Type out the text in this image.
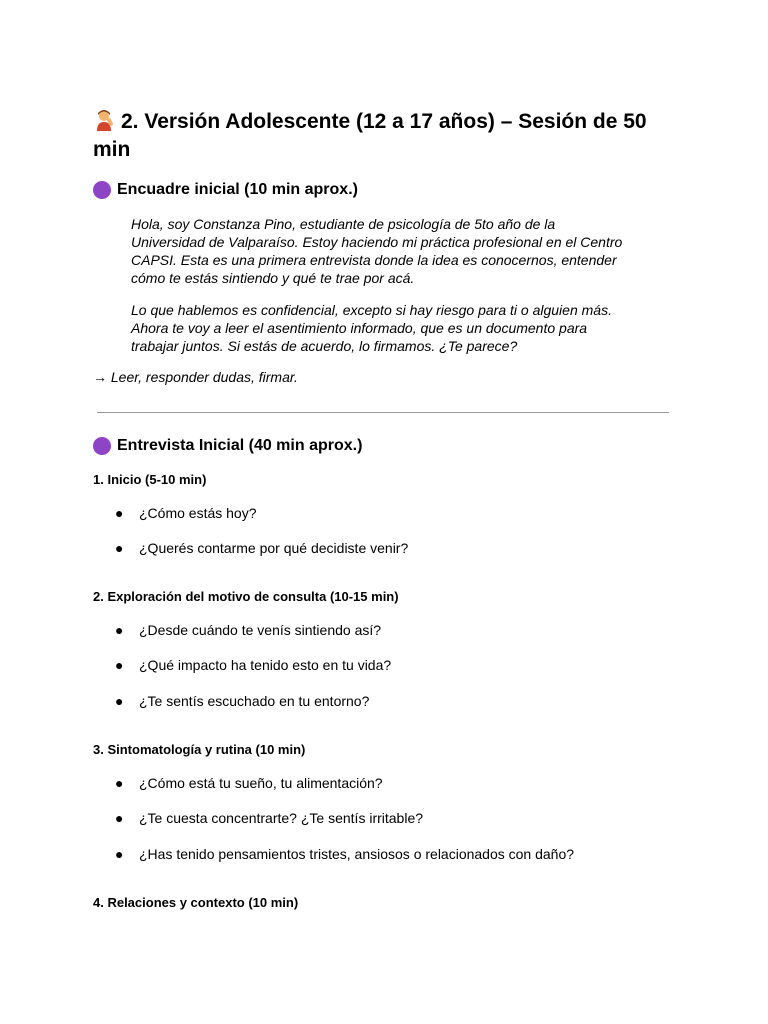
2. Versión Adolescente (12 a 17 años) – Sesión de 50 min
Encuadre inicial (10 min aprox.)

Hola, soy Constanza Pino, estudiante de psicología de 5to año de la Universidad de Valparaíso. Estoy haciendo mi práctica profesional en el Centro CAPSI. Esta es una primera entrevista donde la idea es conocernos, entender cómo te estás sintiendo y qué te trae por acá.

Lo que hablemos es confidencial, excepto si hay riesgo para ti o alguien más. Ahora te voy a leer el asentimiento informado, que es un documento para trabajar juntos. Si estás de acuerdo, lo firmamos. ¿Te parece?

→ Leer, responder dudas, firmar.
Entrevista Inicial (40 min aprox.)
1. Inicio (5-10 min)
● ¿Cómo estás hoy?
● ¿Querés contarme por qué decidiste venir?
2. Exploración del motivo de consulta (10-15 min)
● ¿Desde cuándo te venís sintiendo así?
● ¿Qué impacto ha tenido esto en tu vida?
● ¿Te sentís escuchado en tu entorno?
3. Sintomatología y rutina (10 min)
● ¿Cómo está tu sueño, tu alimentación?
● ¿Te cuesta concentrarte? ¿Te sentís irritable?
● ¿Has tenido pensamientos tristes, ansiosos o relacionados con daño?
4. Relaciones y contexto (10 min)
